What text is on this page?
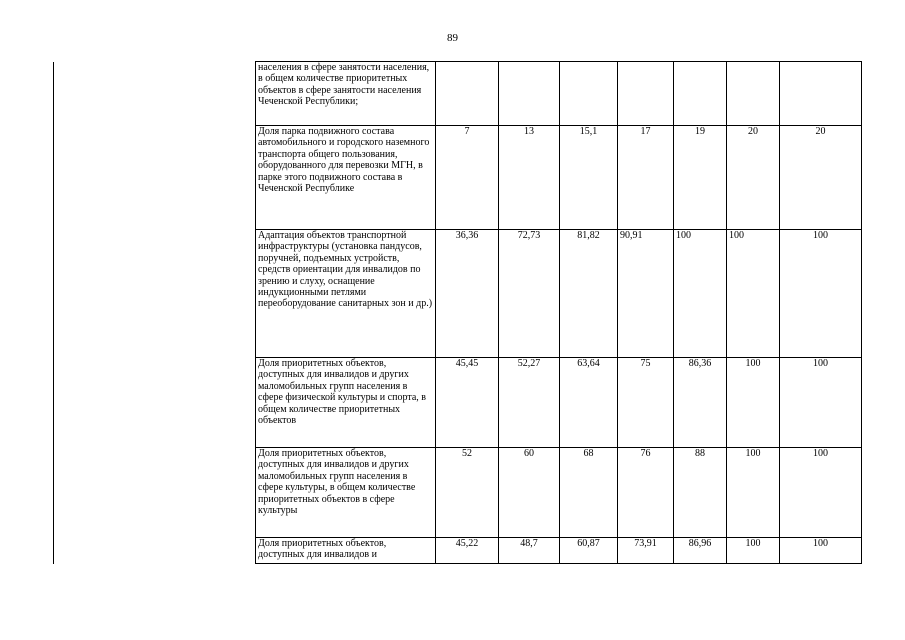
89
	населения в сфере занятости населения, в общем количестве приоритетных объектов в сфере занятости населения Чеченской Республики;							
	Доля парка подвижного состава автомобильного и городского наземного транспорта общего пользования, оборудованного для перевозки МГН, в парке этого подвижного состава в Чеченской Республике	7	13	15,1	17	19	20	20
	Адаптация объектов транспортной инфраструктуры (установка пандусов, поручней, подъемных устройств, средств ориентации для инвалидов по зрению и слуху, оснащение индукционными петлями переоборудование санитарных зон и др.)	36,36	72,73	81,82	90,91	100	100	100
	Доля приоритетных объектов, доступных для инвалидов и других маломобильных групп населения в сфере физической культуры и спорта, в общем количестве приоритетных объектов	45,45	52,27	63,64	75	86,36	100	100
	Доля приоритетных объектов, доступных для инвалидов и других маломобильных групп населения в сфере культуры, в общем количестве приоритетных объектов в сфере культуры	52	60	68	76	88	100	100
	Доля приоритетных объектов, доступных для инвалидов и	45,22	48,7	60,87	73,91	86,96	100	100
